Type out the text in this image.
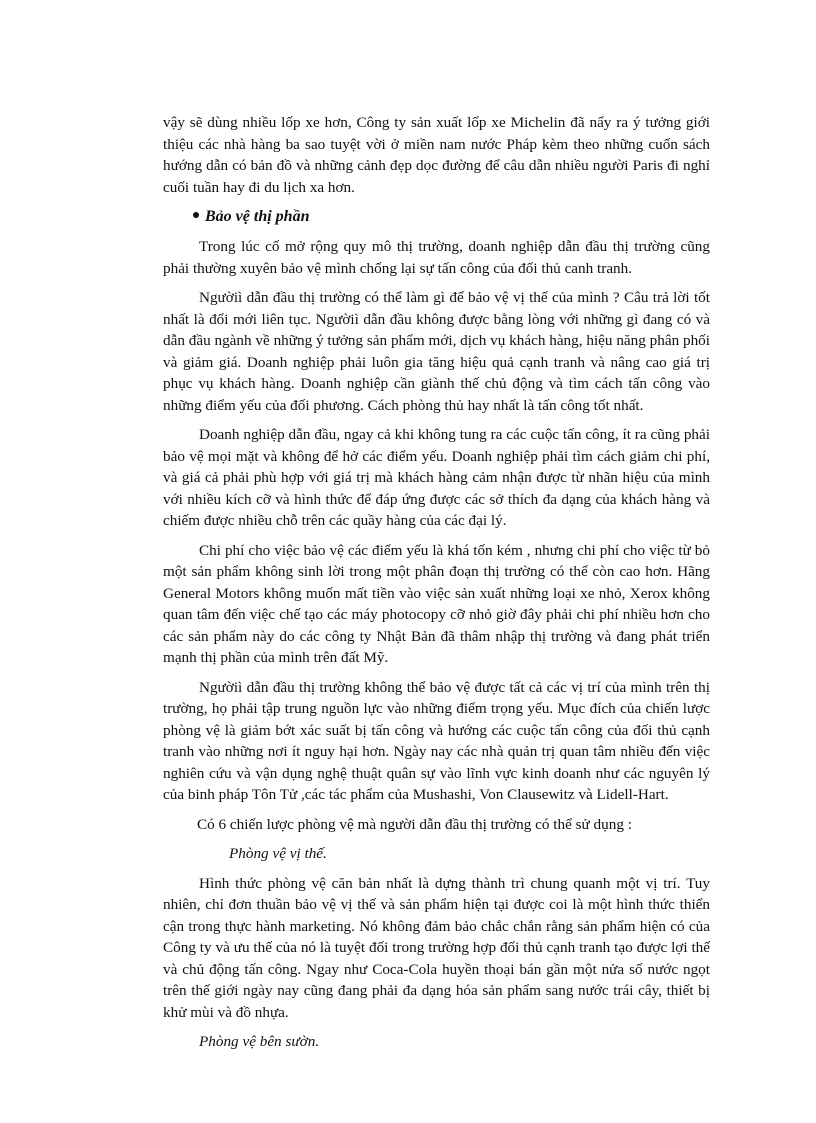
vậy sẽ dùng nhiều lốp xe hơn, Công ty sản xuất lốp xe Michelin đã nẩy ra ý tưởng giới thiệu các nhà hàng ba sao tuyệt vời ở miền nam nước Pháp kèm theo những cuốn sách hướng dẫn có bản đồ và những cảnh đẹp dọc đường để câu dẫn nhiều người Paris đi nghỉ cuối tuần hay đi du lịch xa hơn.

Bảo vệ thị phần

Trong lúc cố mở rộng quy mô thị trường, doanh nghiệp dẫn đầu thị trường cũng phải thường xuyên bảo vệ mình chống lại sự tấn công của đối thủ canh tranh.

Ngườiì dẫn đầu thị trường có thể làm gì để bảo vệ vị thế của mình ? Câu trả lời tốt nhất là đổi mới liên tục. Ngườiì dẫn đầu không được bằng lòng với những gì đang có và dẫn đầu ngành về những ý tưởng sản phẩm mới, dịch vụ khách hàng, hiệu năng phân phối và giảm giá. Doanh nghiệp phải luôn gia tăng hiệu quả cạnh tranh và nâng cao giá trị phục vụ khách hàng. Doanh nghiệp cần giành thế chủ động và tìm cách tấn công vào những điểm yếu của đối phương. Cách phòng thủ hay nhất là tấn công tốt nhất.

Doanh nghiệp dẫn đầu, ngay cả khi không tung ra các cuộc tấn công, ít ra cũng phải bảo vệ mọi mặt và không để hở các điểm yếu. Doanh nghiệp phải tìm cách giảm chi phí, và giá cả phải phù hợp với giá trị mà khách hàng cảm nhận được từ nhãn hiệu của mình với nhiều kích cỡ và hình thức để đáp ứng được các sở thích đa dạng của khách hàng và chiếm được nhiều chỗ trên các quầy hàng của các đại lý.

Chi phí cho việc bảo vệ các điểm yếu là khá tốn kém , nhưng chi phí cho việc từ bỏ một sản phẩm không sinh lời trong một phân đoạn thị trường có thể còn cao hơn. Hãng General Motors không muốn mất tiền vào việc sản xuất những loại xe nhỏ, Xerox không quan tâm đến việc chế tạo các máy photocopy cỡ nhỏ giờ đây phải chi phí nhiều hơn cho các sản phẩm này do các công ty Nhật Bản đã thâm nhập thị trường và đang phát triển mạnh thị phần của mình trên đất Mỹ.

Ngườiì dẫn đầu thị trường không thể bảo vệ được tất cả các vị trí của mình trên thị trường, họ phải tập trung nguồn lực vào những điểm trọng yếu. Mục đích của chiến lược phòng vệ là giảm bớt xác suất bị tấn công và hướng các cuộc tấn công của đối thủ cạnh tranh vào những nơi ít nguy hại hơn. Ngày nay các nhà quản trị quan tâm nhiều đến việc nghiên cứu và vận dụng nghệ thuật quân sự vào lĩnh vực kinh doanh như các nguyên lý của binh pháp Tôn Tử ,các tác phẩm của Mushashi, Von Clausewitz và Lidell-Hart.

Có 6 chiến lược phòng vệ mà người dẫn đầu thị trường có thể sử dụng :

Phòng vệ vị thế.

Hình thức phòng vệ căn bản nhất là dựng thành trì chung quanh một vị trí. Tuy nhiên, chỉ đơn thuần bảo vệ vị thế và sản phẩm hiện tại được coi là một hình thức thiển cận trong thực hành marketing. Nó không đảm bảo chắc chắn rằng sản phẩm hiện có của Công ty và ưu thế của nó là tuyệt đối trong trường hợp đối thủ cạnh tranh tạo được lợi thế và chủ động tấn công. Ngay như Coca-Cola huyền thoại bán gần một nửa số nước ngọt trên thế giới ngày nay cũng đang phải đa dạng hóa sản phẩm sang nước trái cây, thiết bị khử mùi và đồ nhựa.

Phòng vệ bên sườn.
